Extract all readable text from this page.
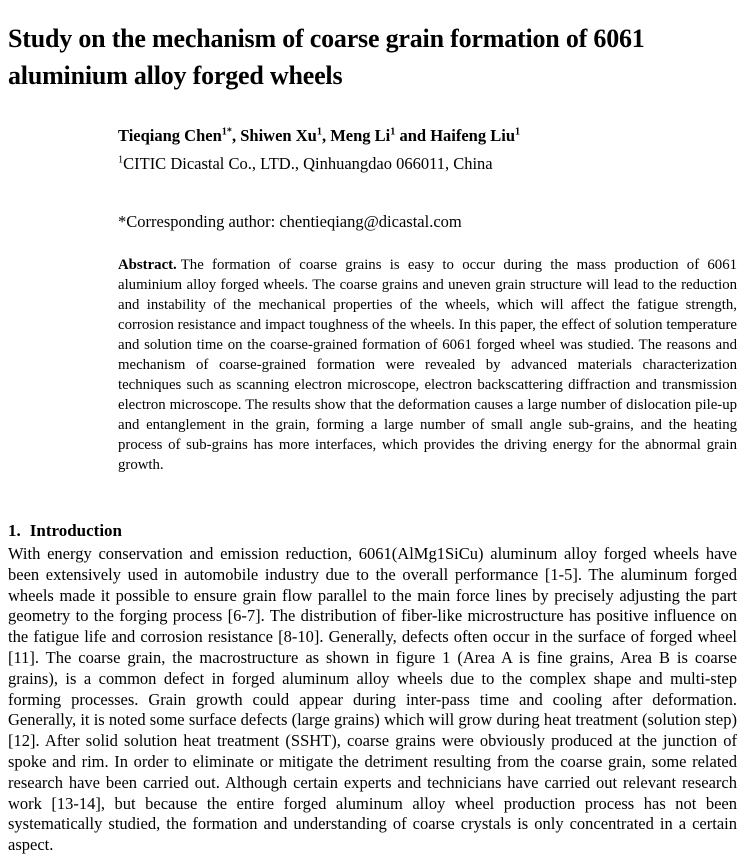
Study on the mechanism of coarse grain formation of 6061 aluminium alloy forged wheels

Tieqiang Chen$^{1*}$, Shiwen Xu$^1$, Meng Li$^1$ and Haifeng Liu$^1$

$^1$CITIC Dicastal Co., LTD., Qinhuangdao 066011, China

*Corresponding author: chentieqiang@dicastal.com

Abstract. The formation of coarse grains is easy to occur during the mass production of 6061 aluminium alloy forged wheels. The coarse grains and uneven grain structure will lead to the reduction and instability of the mechanical properties of the wheels, which will affect the fatigue strength, corrosion resistance and impact toughness of the wheels. In this paper, the effect of solution temperature and solution time on the coarse-grained formation of 6061 forged wheel was studied. The reasons and mechanism of coarse-grained formation were revealed by advanced materials characterization techniques such as scanning electron microscope, electron backscattering diffraction and transmission electron microscope. The results show that the deformation causes a large number of dislocation pile-up and entanglement in the grain, forming a large number of small angle sub-grains, and the heating process of sub-grains has more interfaces, which provides the driving energy for the abnormal grain growth.

1. Introduction

With energy conservation and emission reduction, 6061(AlMg1SiCu) aluminum alloy forged wheels have been extensively used in automobile industry due to the overall performance [1-5]. The aluminum forged wheels made it possible to ensure grain flow parallel to the main force lines by precisely adjusting the part geometry to the forging process [6-7]. The distribution of fiber-like microstructure has positive influence on the fatigue life and corrosion resistance [8-10]. Generally, defects often occur in the surface of forged wheel [11]. The coarse grain, the macrostructure as shown in figure 1 (Area A is fine grains, Area B is coarse grains), is a common defect in forged aluminum alloy wheels due to the complex shape and multi-step forming processes. Grain growth could appear during inter-pass time and cooling after deformation. Generally, it is noted some surface defects (large grains) which will grow during heat treatment (solution step) [12]. After solid solution heat treatment (SSHT), coarse grains were obviously produced at the junction of spoke and rim. In order to eliminate or mitigate the detriment resulting from the coarse grain, some related research have been carried out. Although certain experts and technicians have carried out relevant research work [13-14], but because the entire forged aluminum alloy wheel production process has not been systematically studied, the formation and understanding of coarse crystals is only concentrated in a certain aspect.
